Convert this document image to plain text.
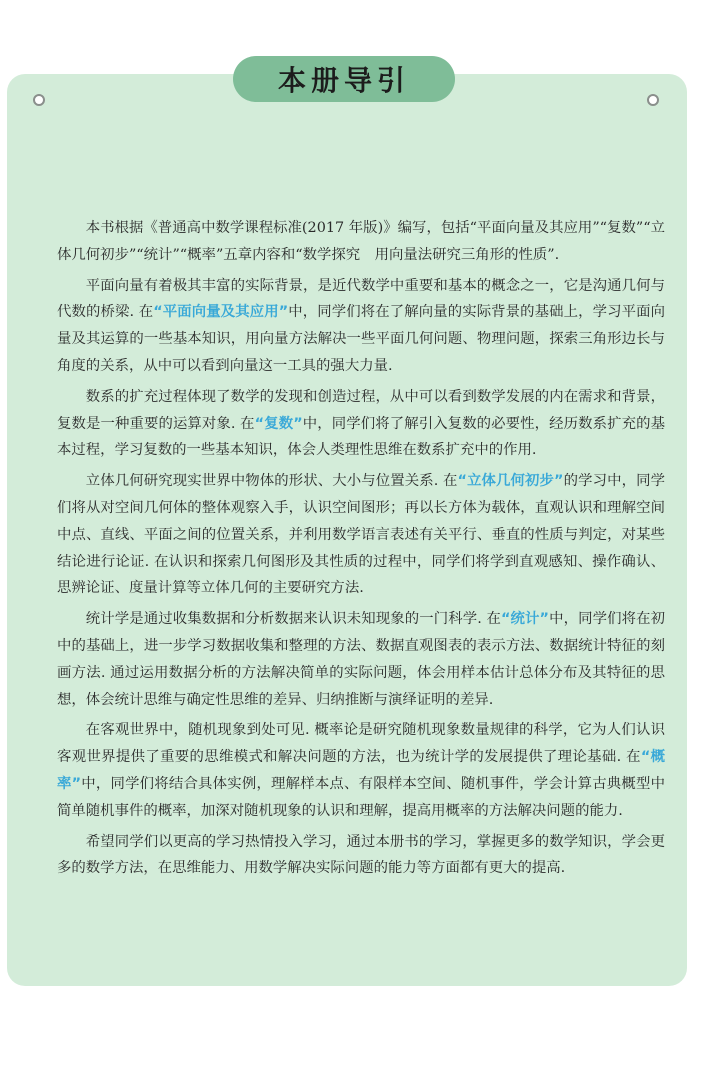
本册导引

本书根据《普通高中数学课程标准(2017 年版)》编写，包括“平面向量及其应用”“复数”“立体几何初步”“统计”“概率”五章内容和“数学探究　用向量法研究三角形的性质”.

平面向量有着极其丰富的实际背景，是近代数学中重要和基本的概念之一，它是沟通几何与代数的桥梁. 在“平面向量及其应用”中，同学们将在了解向量的实际背景的基础上，学习平面向量及其运算的一些基本知识，用向量方法解决一些平面几何问题、物理问题，探索三角形边长与角度的关系，从中可以看到向量这一工具的强大力量.

数系的扩充过程体现了数学的发现和创造过程，从中可以看到数学发展的内在需求和背景，复数是一种重要的运算对象. 在“复数”中，同学们将了解引入复数的必要性，经历数系扩充的基本过程，学习复数的一些基本知识，体会人类理性思维在数系扩充中的作用.

立体几何研究现实世界中物体的形状、大小与位置关系. 在“立体几何初步”的学习中，同学们将从对空间几何体的整体观察入手，认识空间图形；再以长方体为载体，直观认识和理解空间中点、直线、平面之间的位置关系，并利用数学语言表述有关平行、垂直的性质与判定，对某些结论进行论证. 在认识和探索几何图形及其性质的过程中，同学们将学到直观感知、操作确认、思辨论证、度量计算等立体几何的主要研究方法.

统计学是通过收集数据和分析数据来认识未知现象的一门科学. 在“统计”中，同学们将在初中的基础上，进一步学习数据收集和整理的方法、数据直观图表的表示方法、数据统计特征的刻画方法. 通过运用数据分析的方法解决简单的实际问题，体会用样本估计总体分布及其特征的思想，体会统计思维与确定性思维的差异、归纳推断与演绎证明的差异.

在客观世界中，随机现象到处可见. 概率论是研究随机现象数量规律的科学，它为人们认识客观世界提供了重要的思维模式和解决问题的方法，也为统计学的发展提供了理论基础. 在“概率”中，同学们将结合具体实例，理解样本点、有限样本空间、随机事件，学会计算古典概型中简单随机事件的概率，加深对随机现象的认识和理解，提高用概率的方法解决问题的能力.

希望同学们以更高的学习热情投入学习，通过本册书的学习，掌握更多的数学知识，学会更多的数学方法，在思维能力、用数学解决实际问题的能力等方面都有更大的提高.
